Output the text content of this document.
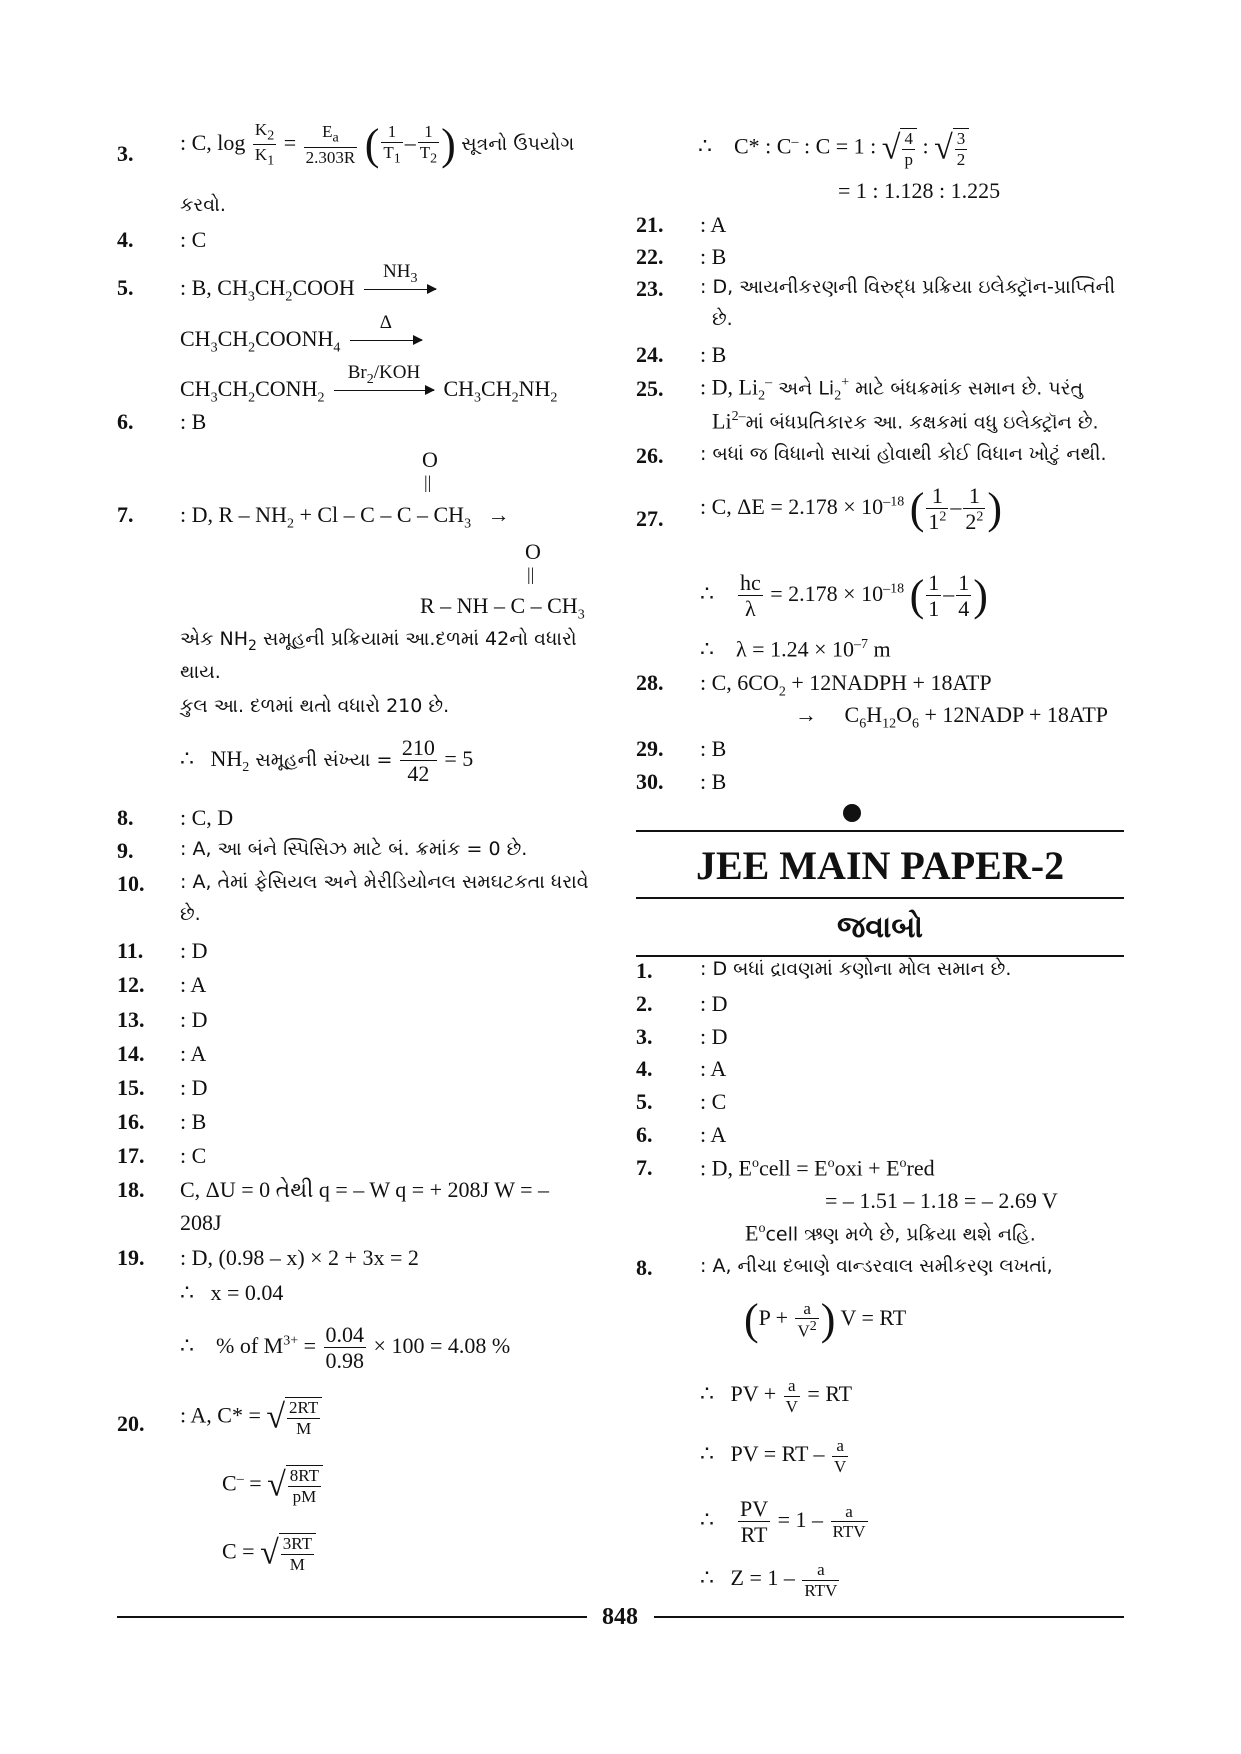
3. : C, $\log \frac{K_2}{K_1} = \frac{E_a}{2.303R}$ ( $\frac{1}{T_1} - \frac{1}{T_2}$ ) સૂત્રનો ઉપયોગ
કરવો.
4. : C
5. : B, $CH_3CH_2COOH$
$NH_3$
$CH_3CH_2COONH_4$
Δ
$CH_3CH_2CONH_2$
$Br_2$/KOH
$CH_3CH_2NH_2$
6. : B
O
||
7. : D, $R - NH_2 + Cl - C - C - CH_3$ →
O
||
R – NH – C – $CH_3$
એક $NH_2$ સમૂહની પ્રક્રિયામાં આ.દળમાં 42નો વધારો
થાય.
કુલ આ. દળમાં થતો વધારો 210 છે.
∴ $NH_2$ સમૂહની સંખ્યા = $\frac{210}{42} = 5$
8. : C, D
9. : A, આ બંને સ્પિસિઝ માટે બં. ક્રમાંક = 0 છે.
10. : A, તેમાં ફેસિયલ અને મેરીડિયોનલ સમઘટકતા ધરાવે
છે.
11. : D
12. : A
13. : D
14. : A
15. : D
16. : B
17. : C
18. C, ΔU = 0 તેથી q = – W q = + 208J W = –
208J
19. : D, (0.98 – x) × 2 + 3x = 2
∴ x = 0.04
∴ % of $M^{3+} = \frac{0.04}{0.98} \times 100 = 4.08$ %
20. : A, C* = √ $\frac{2RT}{M}$
C– = √ $\frac{8RT}{pM}$
C = √ $\frac{3RT}{M}$
∴ C* : C– : C = 1 : √ $\frac{4}{p}$ : √ $\frac{3}{2}$
= 1 : 1.128 : 1.225
21. : A
22. : B
23. : D, આયનીકરણની વિરુદ્ધ પ્રક્રિયા ઇલેક્ટ્રૉન-પ્રાપ્તિની
છે.
24. : B
25. : D, $Li_2^-$ અને $Li_2^+$ માટે બંધક્રમાંક સમાન છે. પરંતુ
$Li^{2-}માં$ બંધપ્રતિકારક આ. કક્ષકમાં વધુ ઇલેક્ટ્રૉન છે.
26. : બધાં જ વિધાનો સાચાં હોવાથી કોઈ વિધાન ખોટું નથી.
27. : C, $\Delta E = 2.178 \times 10^{-18}$ ( $\frac{1}{1^2} - \frac{1}{2^2}$ )
∴ $\frac{hc}{\lambda} = 2.178 \times 10^{-18}$ ( $\frac{1}{1} - \frac{1}{4}$ )
∴ $\lambda = 1.24 \times 10^{-7}$ m
28. : C, $6CO_2$ + 12NADPH + 18ATP
→ $C_6H_{12}O_6$ + 12NADP + 18ATP
29. : B
30. : B
JEE MAIN PAPER-2
જવાબો
1.	: D બધાં દ્રાવણમાં કણોના મોલ સમાન છે.
2. : D
3. : D
4. : A
5. : C
6. : A
7. : D, $E^ocell = E^ooxi + E^ored$
= – 1.51 – 1.18 = – 2.69 V
$E^ocell$ ઋણ મળે છે, પ્રક્રિયા થશે નહિ.
8.	: A, નીચા દબાણે વાન્ડરવાલ સમીકરણ લખતાં,
($P + \frac{a}{V^2}$ ) V = RT
∴ PV + $\frac{a}{V}$ = RT
∴ PV = RT – $\frac{a}{V}$
∴ $\frac{PV}{RT} = 1 - \frac{a}{\text{RTV}}$
∴ $Z = 1 - \frac{a}{\text{RTV}}$
848
